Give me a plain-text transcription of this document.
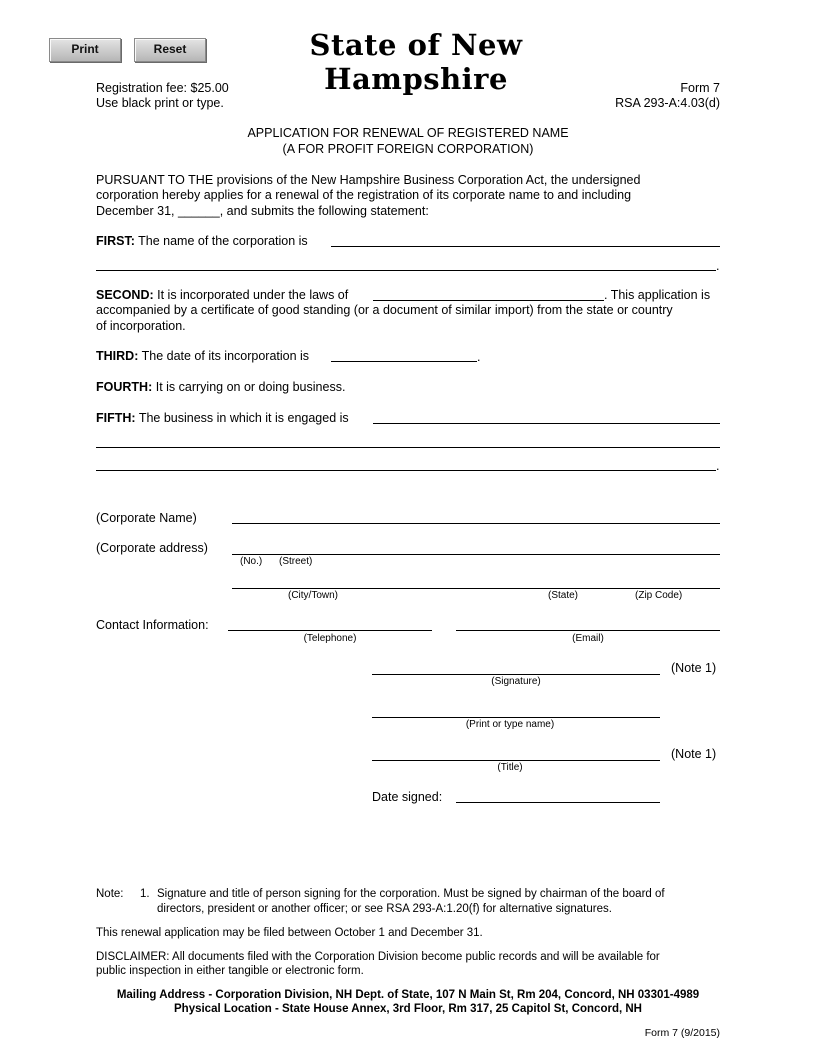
Print	Reset	State of New Hampshire
Registration fee: $25.00
Use black print or type.
Form 7
RSA 293-A:4.03(d)
APPLICATION FOR RENEWAL OF REGISTERED NAME
(A FOR PROFIT FOREIGN CORPORATION)
PURSUANT TO THE provisions of the New Hampshire Business Corporation Act, the undersigned
corporation hereby applies for a renewal of the registration of its corporate name to and including
December 31, ______, and submits the following statement:
FIRST: The name of the corporation is
.
SECOND: It is incorporated under the laws of	. This application is
accompanied by a certificate of good standing (or a document of similar import) from the state or country
of incorporation.
THIRD: The date of its incorporation is	.
FOURTH: It is carrying on or doing business.
FIFTH: The business in which it is engaged is
.
(Corporate Name)
(Corporate address)
(No.) (Street)
(City/Town)	(State)	(Zip Code)
Contact Information:
(Telephone)	(Email)
(Note 1)
(Signature)
(Print or type name)
(Note 1)
(Title)
Date signed:
Note: 1. Signature and title of person signing for the corporation. Must be signed by chairman of the board of
directors, president or another officer; or see RSA 293-A:1.20(f) for alternative signatures.
This renewal application may be filed between October 1 and December 31.
DISCLAIMER: All documents filed with the Corporation Division become public records and will be available for
public inspection in either tangible or electronic form.
Mailing Address - Corporation Division, NH Dept. of State, 107 N Main St, Rm 204, Concord, NH 03301-4989
Physical Location - State House Annex, 3rd Floor, Rm 317, 25 Capitol St, Concord, NH
Form 7 (9/2015)
